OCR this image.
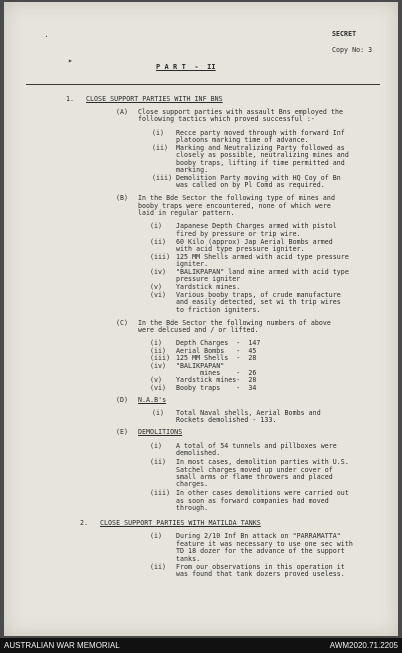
·
▸
SECRET
Copy No: 3
P A R T  -  II
1. CLOSE SUPPORT PARTIES WITH INF BNS
(A) Close support parties with assault Bns employed the
following tactics which proved successful :-
(i) Recce party moved through with forward Inf
platoons marking time of advance.
(ii) Marking and Neutralizing Party followed as
closely as possible, neutralizing mines and
booby traps, lifting if time permitted and
marking.
(iii) Demolition Party moving with HQ Coy of Bn
was called on by Pl Comd as required.
(B) In the Bde Sector the following type of mines and
booby traps were encountered, none of which were
laid in regular pattern.
(i) Japanese Depth Charges armed with pistol
fired by pressure or trip wire.
(ii) 60 Kilo (approx) Jap Aerial Bombs armed
with acid type pressure igniter.
(iii) 125 MM Shells armed with acid type pressure
igniter.
(iv) "BALIKPAPAN" land mine armed with acid type
pressure igniter
(v) Yardstick mines.
(vi) Various booby traps, of crude manufacture
and easily detected, set wi th trip wires
to friction igniters.
(C) In the Bde Sector the following numbers of above
were delcused and / or lifted.
(i) Depth Charges  -  147
(ii) Aerial Bombs   -  45
(iii) 125 MM Shells  -  28
(iv) "BALIKPAPAN"
mines    -  26
(v) Yardstick mines-  28
(vi) Booby traps    -  34
(D) N.A.B's
(i) Total Naval shells, Aerial Bombs and
Rockets demolished - 133.
(E) DEMOLITIONS
(i) A total of 54 tunnels and pillboxes were
demolished.
(ii) In most cases, demolition parties with U.S.
Satchel charges moved up under cover of
small arms or flame throwers and placed
charges.
(iii) In other cases demolitions were carried out
as soon as forward companies had moved
through.
2. CLOSE SUPPORT PARTIES WITH MATILDA TANKS
(i) During 2/10 Inf Bn attack on "PARRAMATTA"
feature it was necessary to use one sec with
TD 18 dozer for the advance of the support
tanks.
(ii) From our observations in this operation it
was found that tank dozers proved useless.
AUSTRALIAN WAR MEMORIAL	AWM2020.71.2205
